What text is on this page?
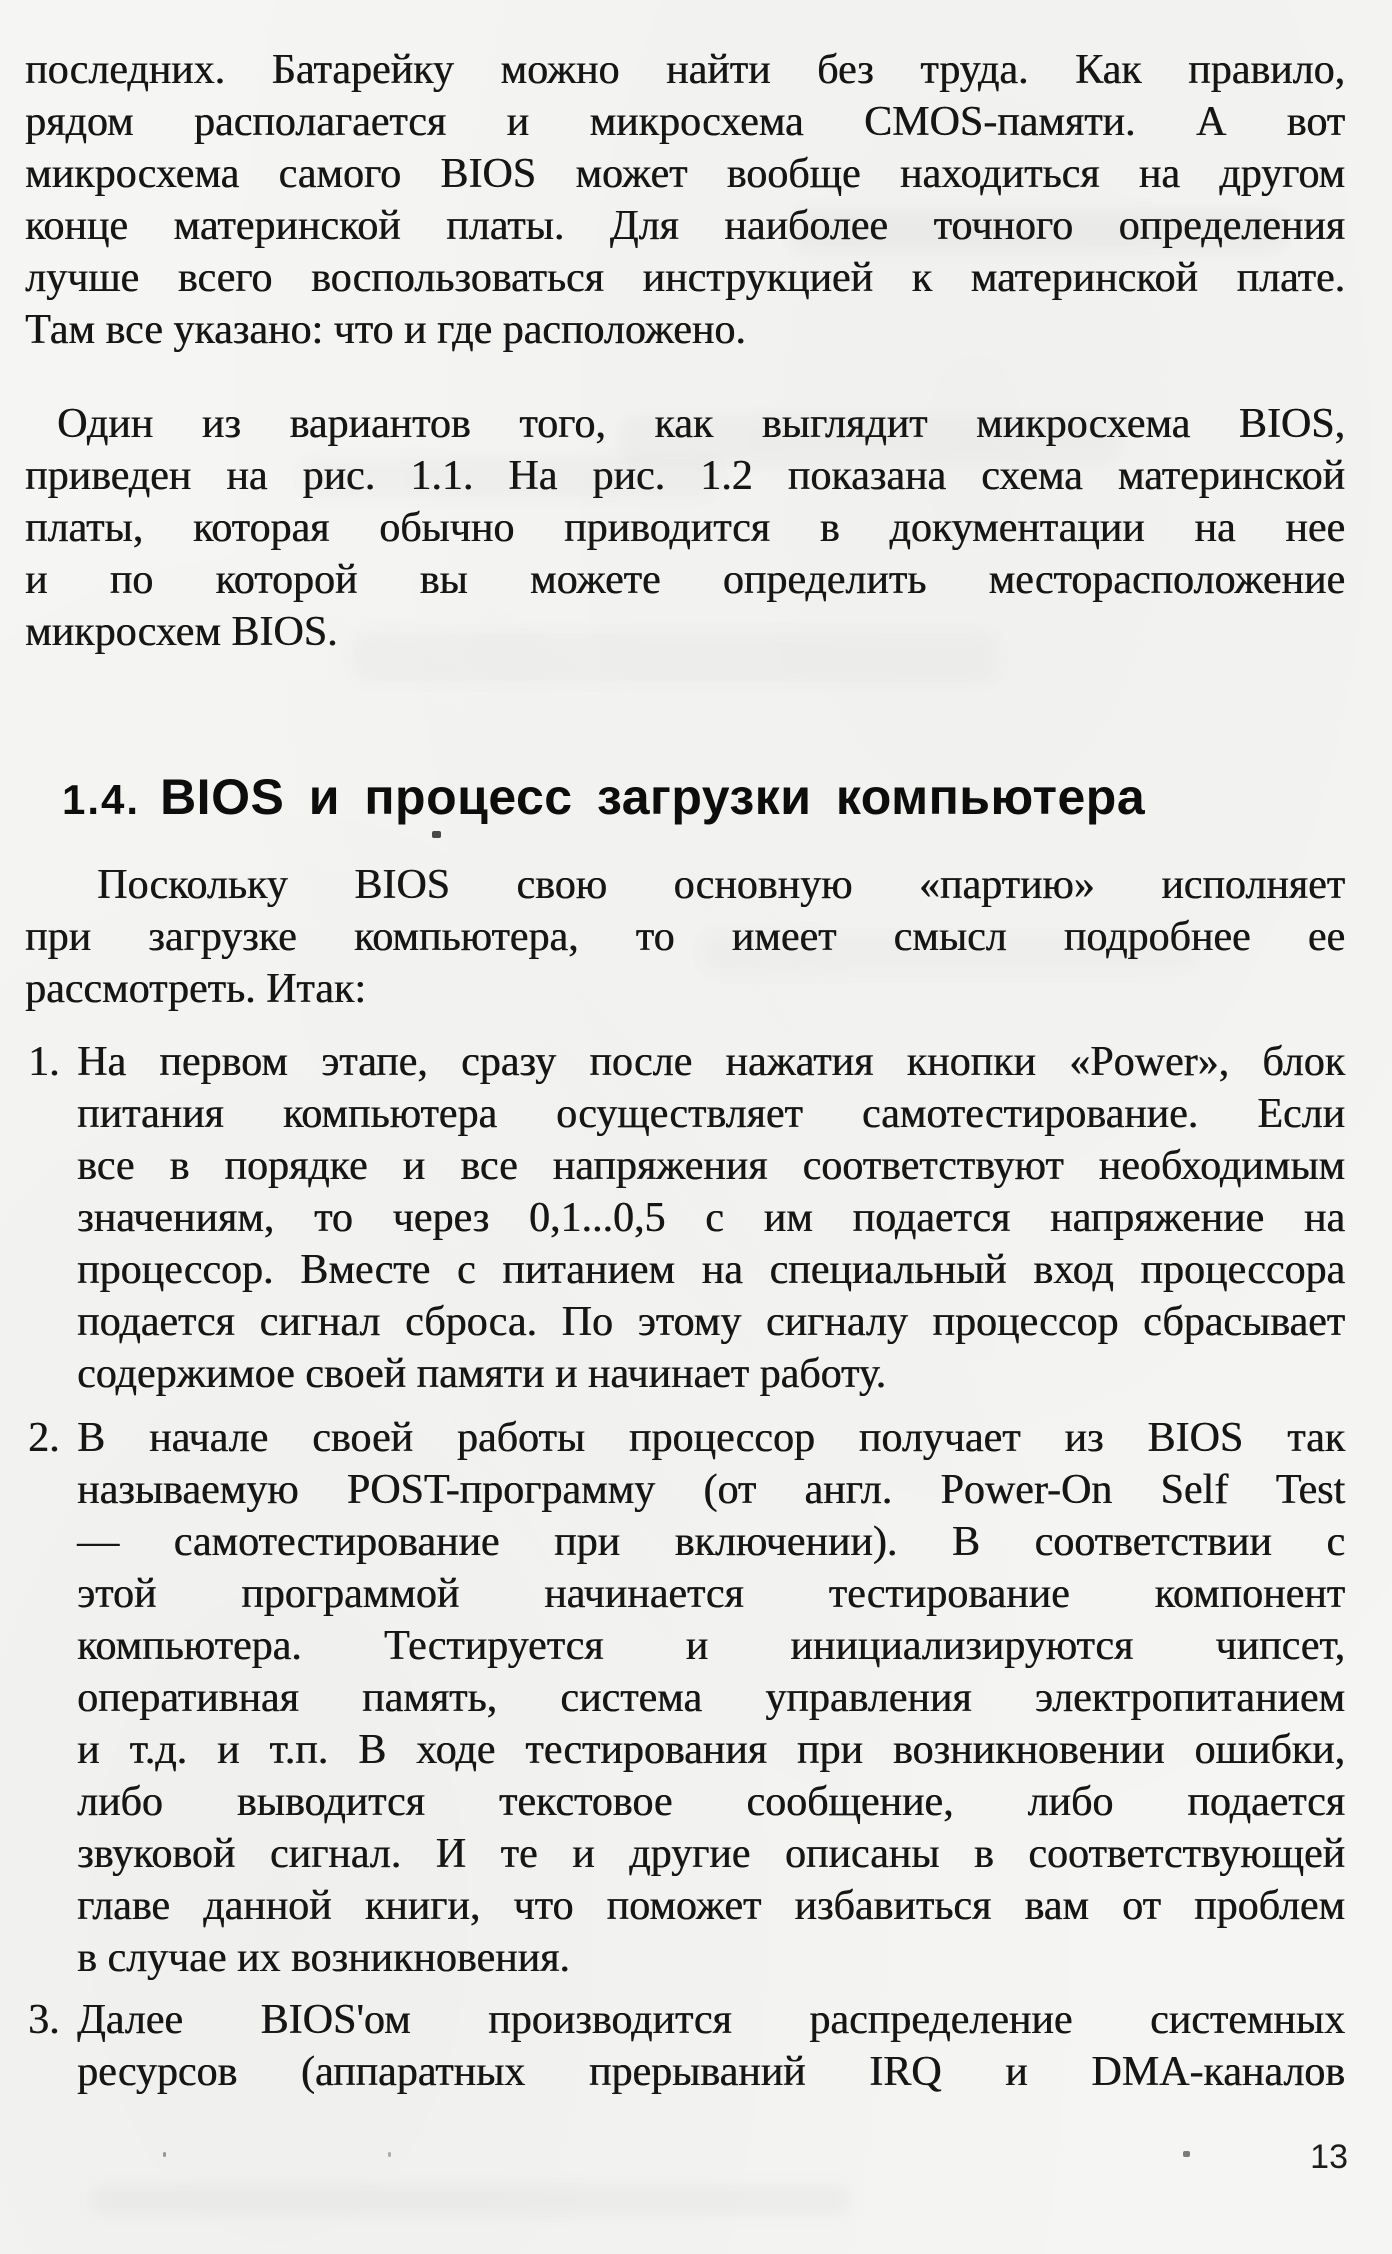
последних. Батарейку можно найти без труда. Как правило,
рядом располагается и микросхема CMOS-памяти. А вот
микросхема самого BIOS может вообще находиться на другом
конце материнской платы. Для наиболее точного определения
лучше всего воспользоваться инструкцией к материнской плате.
Там все указано: что и где расположено.
Один из вариантов того, как выглядит микросхема BIOS,
приведен на рис. 1.1. На рис. 1.2 показана схема материнской
платы, которая обычно приводится в документации на нее
и по которой вы можете определить месторасположение
микросхем BIOS.
1.4. BIOS и процесс загрузки компьютера
Поскольку BIOS свою основную «партию» исполняет
при загрузке компьютера, то имеет смысл подробнее ее
рассмотреть. Итак:
1. На первом этапе, сразу после нажатия кнопки «Power», блок
питания компьютера осуществляет самотестирование. Если
все в порядке и все напряжения соответствуют необходимым
значениям, то через 0,1...0,5 с им подается напряжение на
процессор. Вместе с питанием на специальный вход процессора
подается сигнал сброса. По этому сигналу процессор сбрасывает
содержимое своей памяти и начинает работу.
2. В начале своей работы процессор получает из BIOS так
называемую POST-программу (от англ. Power-On Self Test
— самотестирование при включении). В соответствии с
этой программой начинается тестирование компонент
компьютера. Тестируется и инициализируются чипсет,
оперативная память, система управления электропитанием
и т.д. и т.п. В ходе тестирования при возникновении ошибки,
либо выводится текстовое сообщение, либо подается
звуковой сигнал. И те и другие описаны в соответствующей
главе данной книги, что поможет избавиться вам от проблем
в случае их возникновения.
3. Далее BIOS'ом производится распределение системных
ресурсов (аппаратных прерываний IRQ и DMA-каналов
13
